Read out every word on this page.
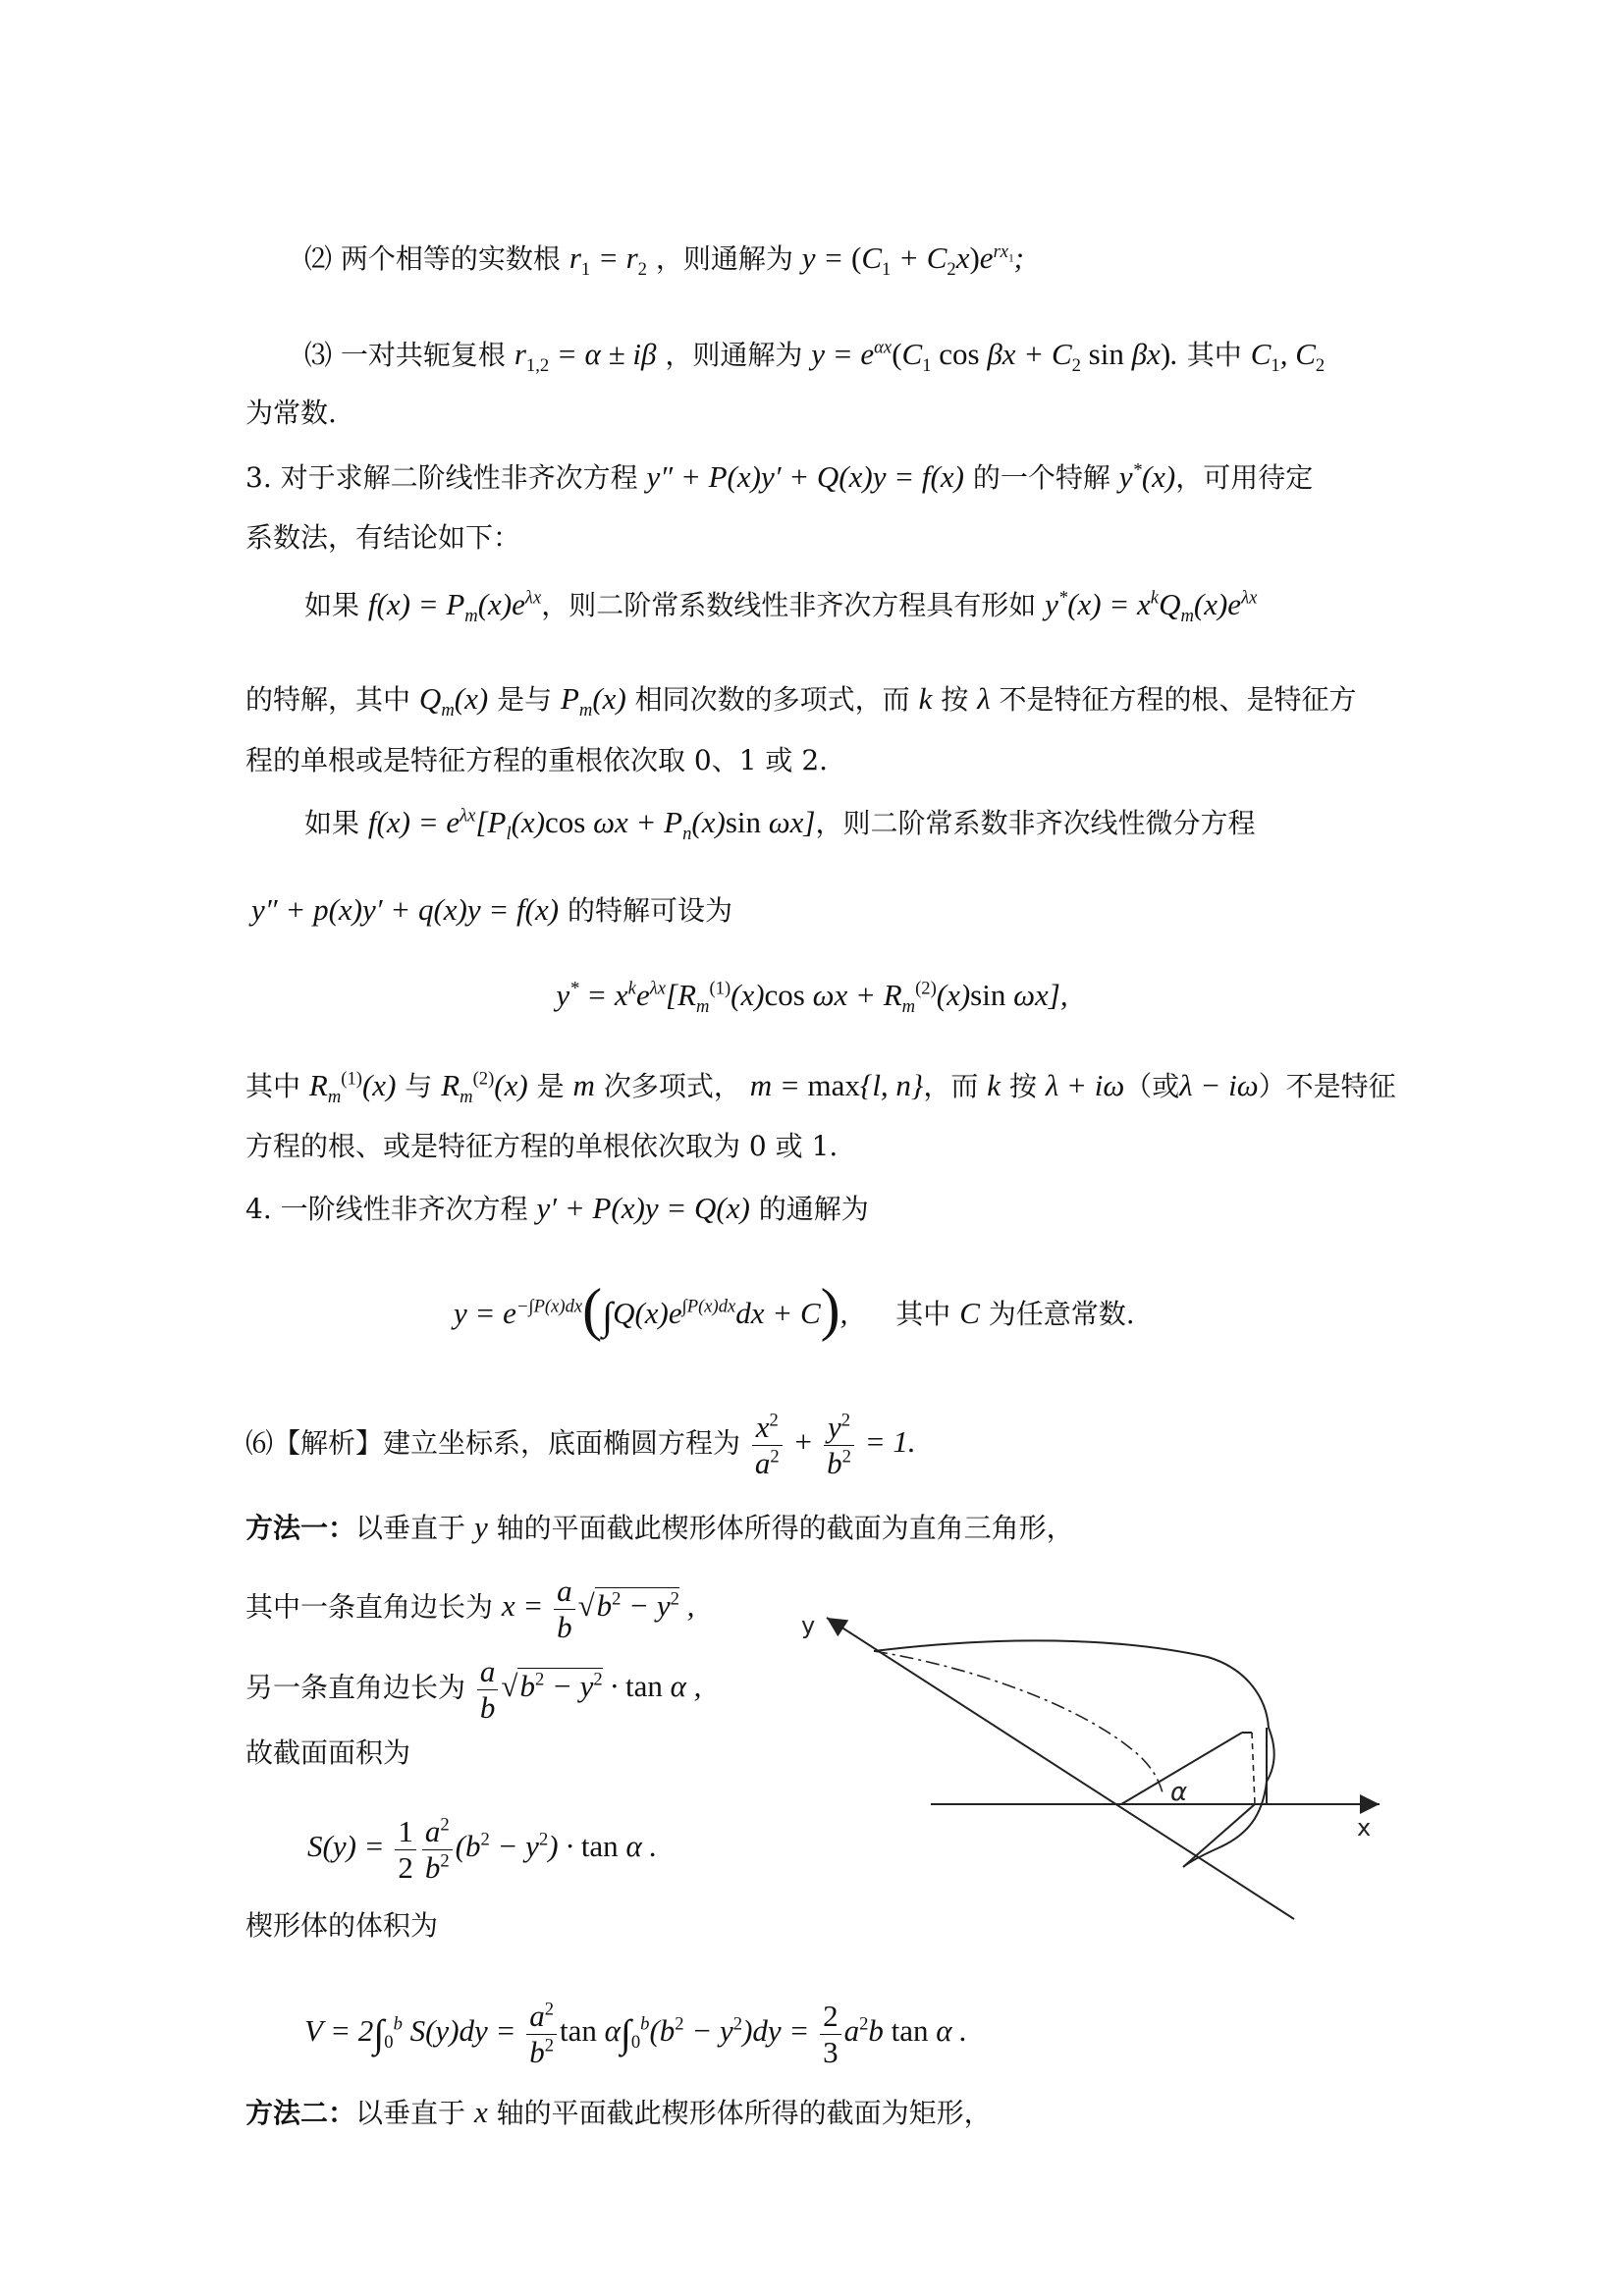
⑵ 两个相等的实数根 $r_1 = r_2$ ，则通解为 $y = (C_1 + C_2x)e^{rx_1}$;
⑶ 一对共轭复根 $r_{1,2} = \alpha \pm i\beta$ ，则通解为 $y = e^{\alpha x}(C_1$ $\cos \beta x + C_2$ sin βx). 其中 $C_1$, $C_2$
为常数.
3. 对于求解二阶线性非齐次方程 y″ + P(x)y′ + Q(x)y = f(x) 的一个特解 y*(x)，可用待定
系数法，有结论如下：
如果 $f(x) = P_m(x)e^{\lambda x}$，则二阶常系数线性非齐次方程具有形如 $y^*(x) = x^kQ_m(x)e^{\lambda x}$
的特解，其中 $Q_m(x)$ 是与 $P_m(x)$ 相同次数的多项式，而 k 按 λ 不是特征方程的根、是特征方
程的单根或是特征方程的重根依次取 0、1 或 2.
如果 $f(x) = e^{\lambda x}[P_l(x)\cos$ $\omega x + P_n(x)\sin$ ωx]，则二阶常系数非齐次线性微分方程
y″ + p(x)y′ + q(x)y = f(x) 的特解可设为
$y^* = x^ke^{\lambda x}[R_m^{(1)}(x)\cos$ $\omega x + R_m^{(2)}(x)\sin$ ωx],
其中 $R_m^{(1)}(x)$ 与 $R_m^{(2)}(x)$ 是 m 次多项式， m = max{l, n}，而 k 按 λ + iω（或λ − iω）不是特征
方程的根、或是特征方程的单根依次取为 0 或 1.
4. 一阶线性非齐次方程 y′ + P(x)y = Q(x) 的通解为
$y = e^{-\int P(x)dx}(\int Q(x)e^{\int P(x)dx}dx + C)$, 其中 C 为任意常数.
⑹【解析】建立坐标系，底面椭圆方程为 $\frac{x^2}{a^2} + \frac{y^2}{b^2} = 1$.
方法一：以垂直于 y 轴的平面截此楔形体所得的截面为直角三角形，
其中一条直角边长为 $x = \frac{a}{b} √b^2 - y^2$ ,
另一条直角边长为 $\frac{a}{b} √b^2 - y^2 \cdot \tan \alpha$ ,
故截面面积为
$S(y) = \frac{1}{2} \frac{a^2}{b^2} (b^2 - y^2) \cdot \tan \alpha$ .
楔形体的体积为
$V = 2\int_0^b$ $S(y)dy = \frac{a^2}{b^2}$ $\tan \alpha\int_0^b(b^2 - y^2)dy = \frac{2}{3} a^2b$ tan α .
方法二：以垂直于 x 轴的平面截此楔形体所得的截面为矩形，
y
x
α
